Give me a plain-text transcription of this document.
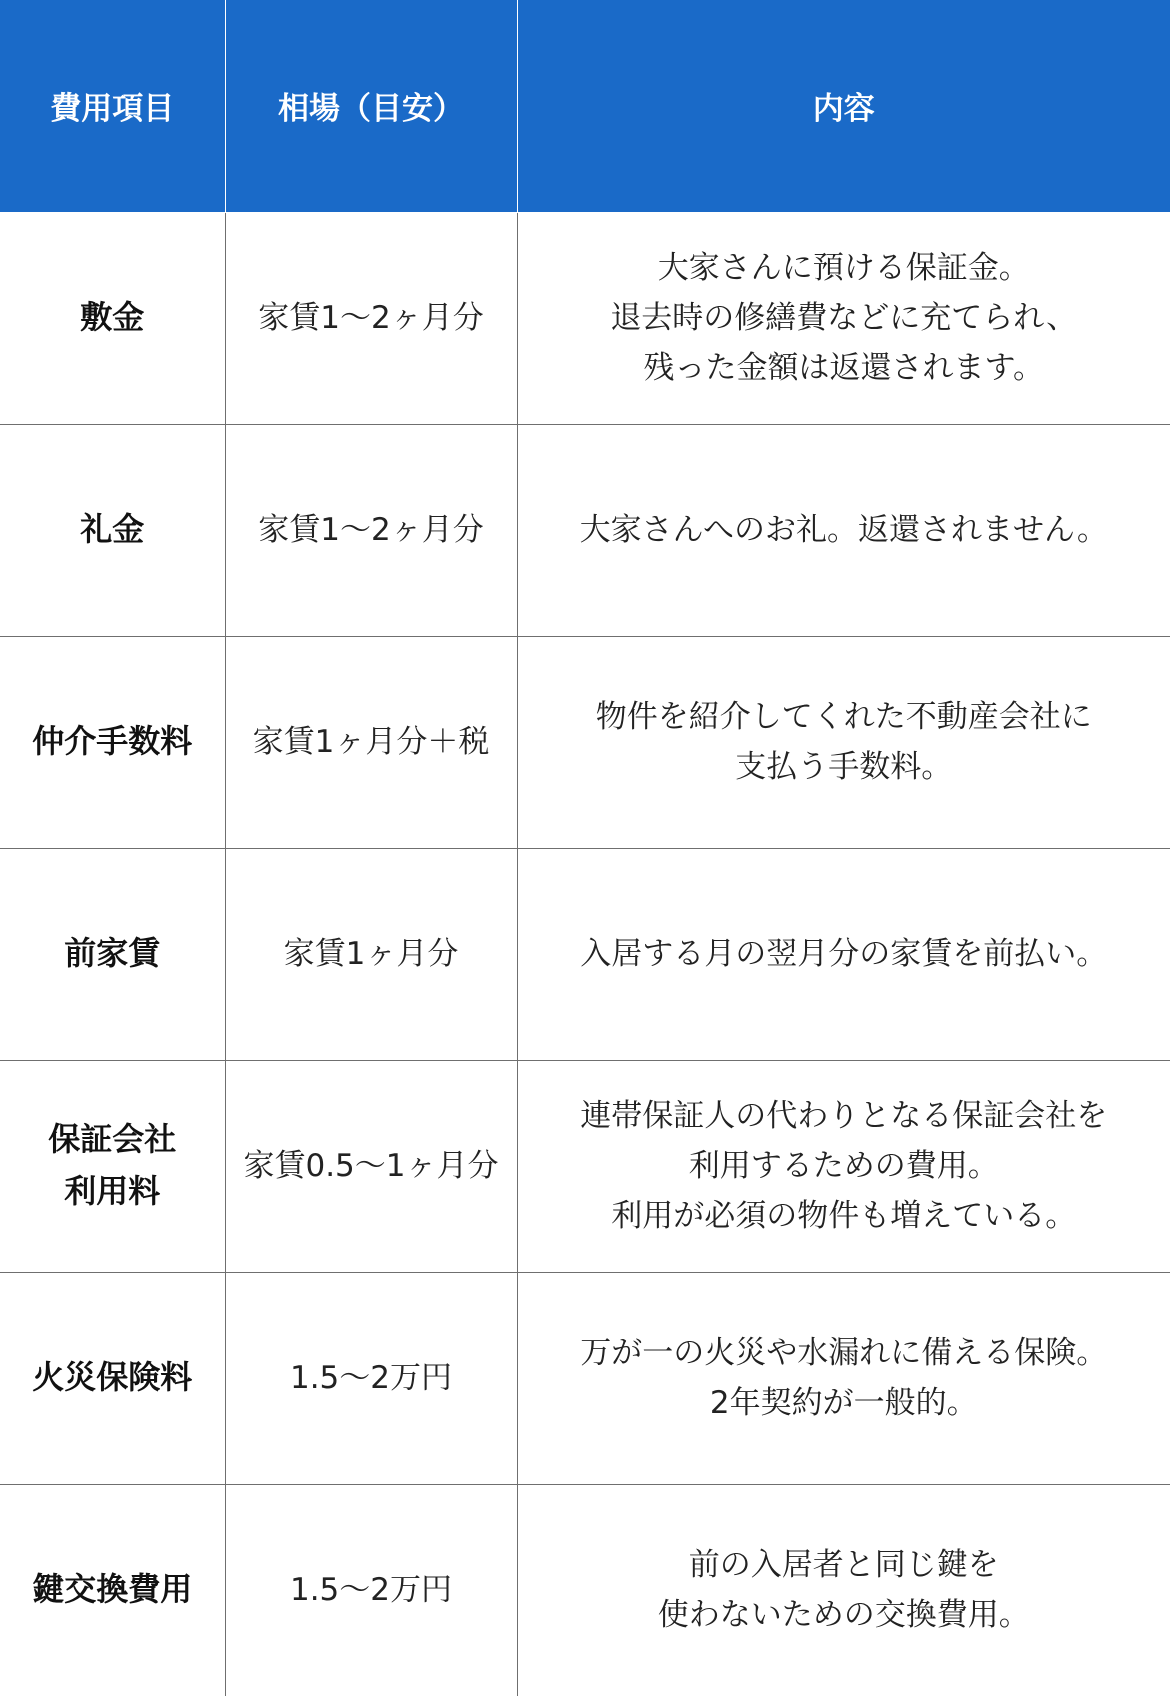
費用項目	相場（目安）	内容

敷金	家賃1〜2ヶ月分	大家さんに預ける保証金。
退去時の修繕費などに充てられ、
残った金額は返還されます。

礼金	家賃1〜2ヶ月分	大家さんへのお礼。返還されません。

仲介手数料	家賃1ヶ月分＋税	物件を紹介してくれた不動産会社に
支払う手数料。

前家賃	家賃1ヶ月分	入居する月の翌月分の家賃を前払い。

保証会社
利用料	家賃0.5〜1ヶ月分	連帯保証人の代わりとなる保証会社を
利用するための費用。
利用が必須の物件も増えている。

火災保険料	1.5〜2万円	万が一の火災や水漏れに備える保険。
2年契約が一般的。

鍵交換費用	1.5〜2万円	前の入居者と同じ鍵を
使わないための交換費用。
